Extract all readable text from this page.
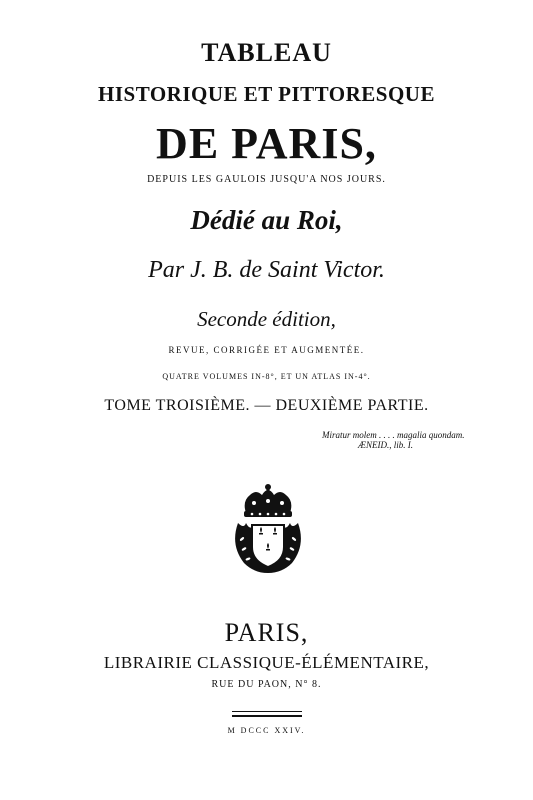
TABLEAU
HISTORIQUE ET PITTORESQUE
DE PARIS,
DEPUIS LES GAULOIS JUSQU'A NOS JOURS.
Dédié au Roi,
Par J. B. de Saint Victor.
Seconde édition,
REVUE, CORRIGÉE ET AUGMENTÉE.
QUATRE VOLUMES IN-8°, ET UN ATLAS IN-4°.
TOME TROISIÈME. — DEUXIÈME PARTIE.
Miratur molem . . . . magalia quondam.
ÆNEID., lib. I.
PARIS,
LIBRAIRIE CLASSIQUE-ÉLÉMENTAIRE,
RUE DU PAON, N° 8.
M DCCC XXIV.
